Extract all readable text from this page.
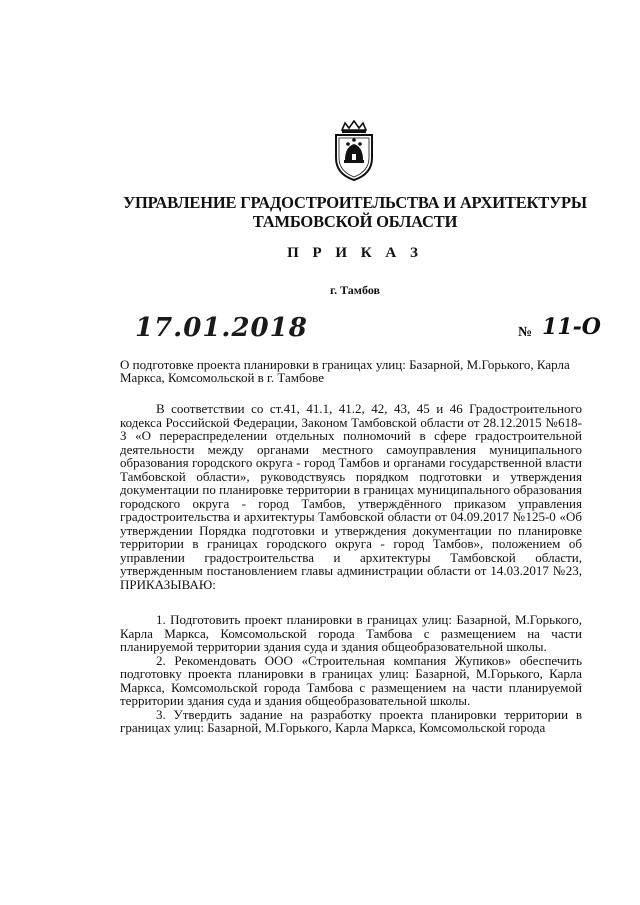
УПРАВЛЕНИЕ ГРАДОСТРОИТЕЛЬСТВА И АРХИТЕКТУРЫ
ТАМБОВСКОЙ ОБЛАСТИ
П Р И К А З
г. Тамбов
17.01.2018	№ 11-О
О подготовке проекта планировки в границах улиц: Базарной, М.Горького, Карла Маркса, Комсомольской в г. Тамбове

В соответствии со ст.41, 41.1, 41.2, 42, 43, 45 и 46 Градостроительного кодекса Российской Федерации, Законом Тамбовской области от 28.12.2015 №618-З «О перераспределении отдельных полномочий в сфере градостроительной деятельности между органами местного самоуправления муниципального образования городского округа - город Тамбов и органами государственной власти Тамбовской области», руководствуясь порядком подготовки и утверждения документации по планировке территории в границах муниципального образования городского округа - город Тамбов, утверждённого приказом управления градостроительства и архитектуры Тамбовской области от 04.09.2017 №125-0 «Об утверждении Порядка подготовки и утверждения документации по планировке территории в границах городского округа - город Тамбов», положением об управлении градостроительства и архитектуры Тамбовской области, утвержденным постановлением главы администрации области от 14.03.2017 №23, ПРИКАЗЫВАЮ:

1. Подготовить проект планировки в границах улиц: Базарной, М.Горького, Карла Маркса, Комсомольской города Тамбова с размещением на части планируемой территории здания суда и здания общеобразовательной школы.

2. Рекомендовать ООО «Строительная компания Жупиков» обеспечить подготовку проекта планировки в границах улиц: Базарной, М.Горького, Карла Маркса, Комсомольской города Тамбова с размещением на части планируемой территории здания суда и здания общеобразовательной школы.

3. Утвердить задание на разработку проекта планировки территории в границах улиц: Базарной, М.Горького, Карла Маркса, Комсомольской города
